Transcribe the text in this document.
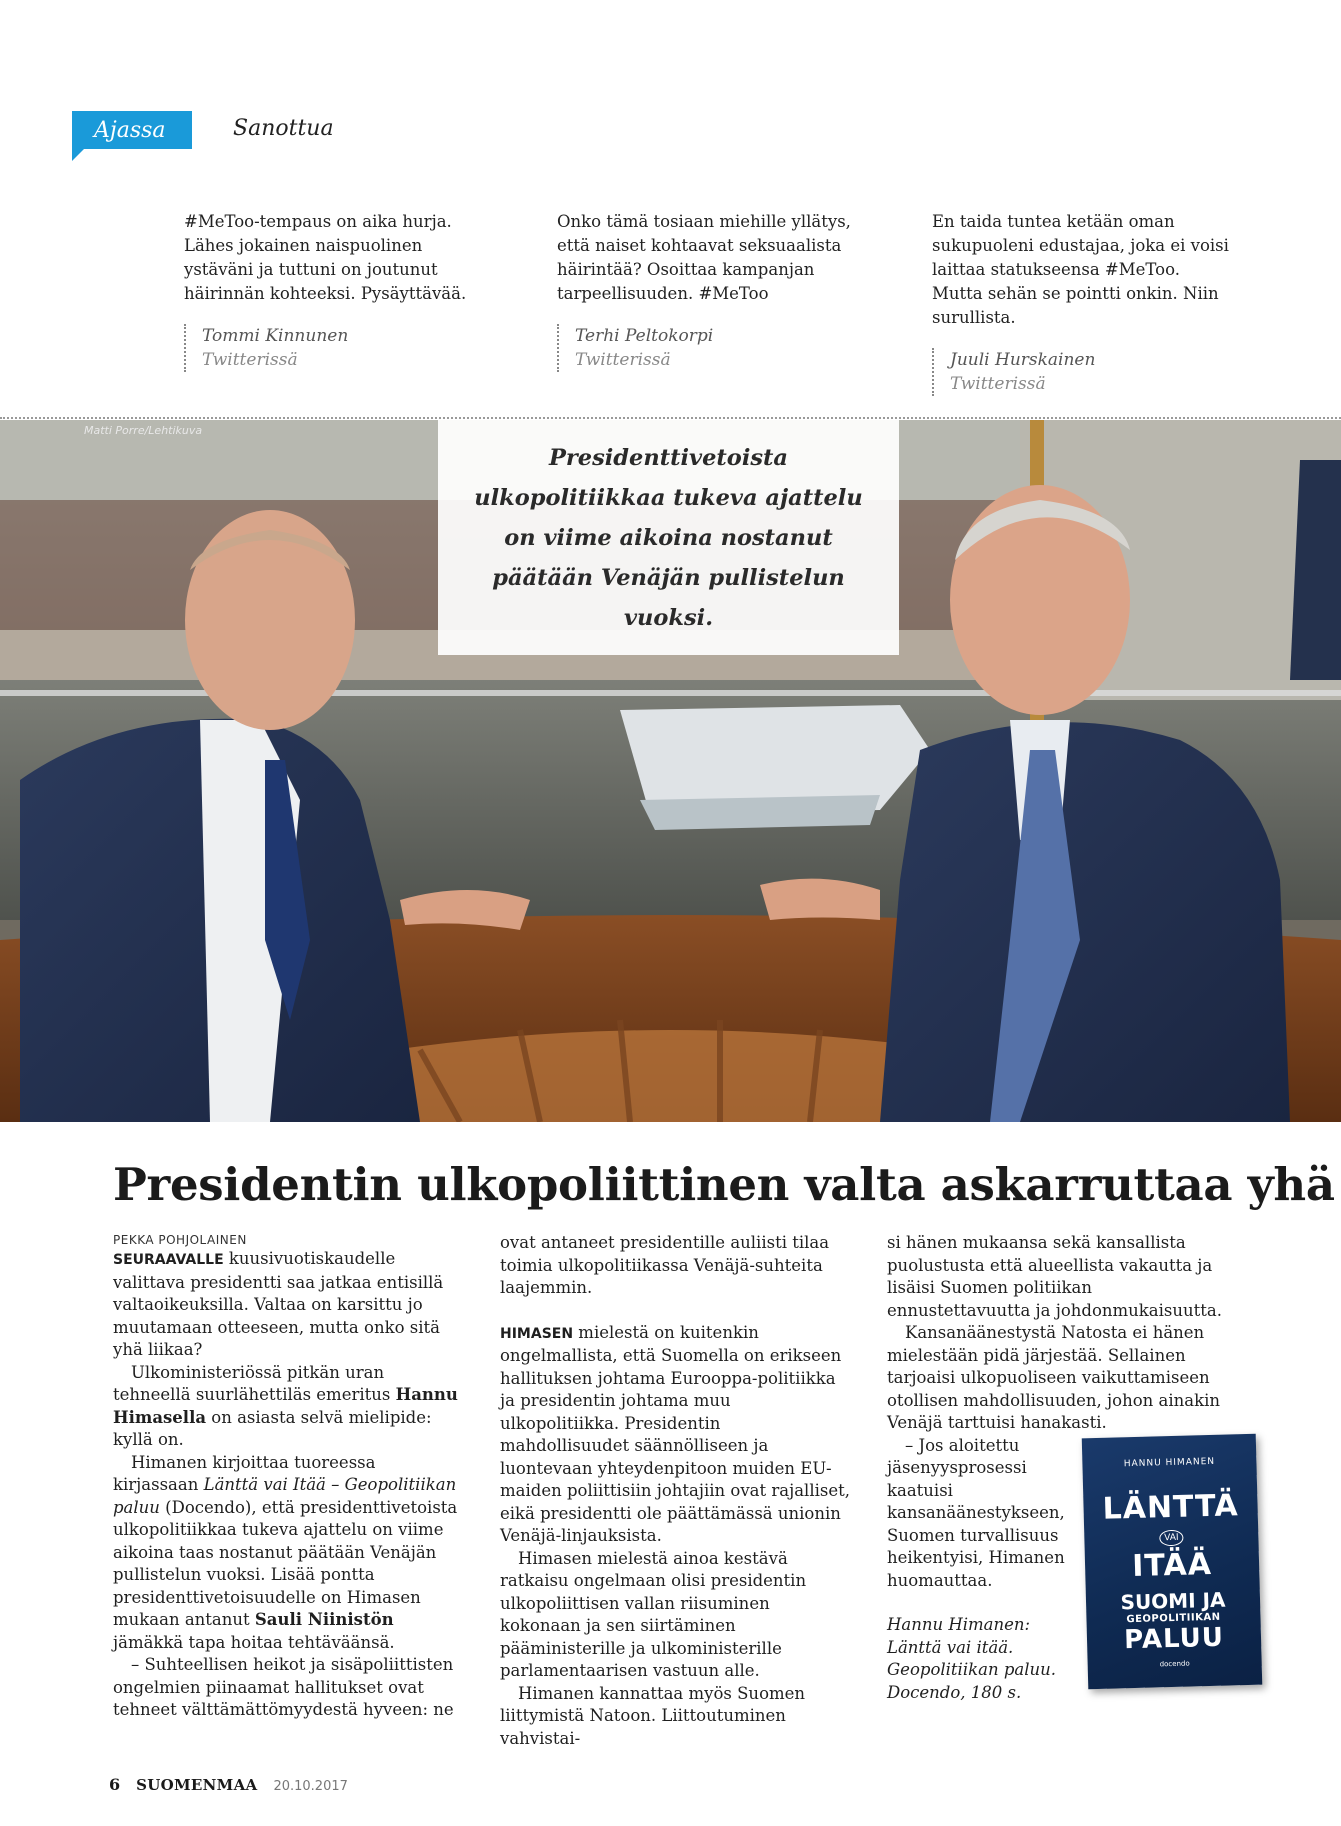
Ajassa	Sanottua

#MeToo-tempaus on aika hurja. Lähes jokainen naispuolinen ystäväni ja tuttuni on joutunut häirinnän kohteeksi. Pysäyttävää.

Tommi Kinnunen
Twitterissä

Onko tämä tosiaan miehille yllätys, että naiset kohtaavat seksuaalista häirintää? Osoittaa kampanjan tarpeellisuuden. #MeToo

Terhi Peltokorpi
Twitterissä

En taida tuntea ketään oman sukupuoleni edustajaa, joka ei voisi laittaa statukseensa #MeToo. Mutta sehän se pointti onkin. Niin surullista.

Juuli Hurskainen
Twitterissä
Matti Porre/Lehtikuva

Presidenttivetoista ulkopolitiikkaa tukeva ajattelu on viime aikoina nostanut päätään Venäjän pullistelun vuoksi.

Presidentin ulkopoliittinen valta askarruttaa yhä
PEKKA POHJOLAINEN

SEURAAVALLE kuusivuotiskaudelle valittava presidentti saa jatkaa entisillä valtaoikeuksilla. Valtaa on karsittu jo muutamaan otteeseen, mutta onko sitä yhä liikaa?

Ulkoministeriössä pitkän uran tehneellä suurlähettiläs emeritus Hannu Himasella on asiasta selvä mielipide: kyllä on.

Himanen kirjoittaa tuoreessa kirjassaan Länttä vai Itää – Geopolitiikan paluu (Docendo), että presidenttivetoista ulkopolitiikkaa tukeva ajattelu on viime aikoina taas nostanut päätään Venäjän pullistelun vuoksi. Lisää pontta presidenttivetoisuudelle on Himasen mukaan antanut Sauli Niinistön jämäkkä tapa hoitaa tehtäväänsä.

– Suhteellisen heikot ja sisäpoliittisten ongelmien piinaamat hallitukset ovat tehneet välttämättömyydestä hyveen: ne

ovat antaneet presidentille auliisti tilaa toimia ulkopolitiikassa Venäjä-suhteita laajemmin.

HIMASEN mielestä on kuitenkin ongelmallista, että Suomella on erikseen hallituksen johtama Eurooppa-politiikka ja presidentin johtama muu ulkopolitiikka. Presidentin mahdollisuudet säännölliseen ja luontevaan yhteydenpitoon muiden EU-maiden poliittisiin johtajiin ovat rajalliset, eikä presidentti ole päättämässä unionin Venäjä-linjauksista.

Himasen mielestä ainoa kestävä ratkaisu ongelmaan olisi presidentin ulkopoliittisen vallan riisuminen kokonaan ja sen siirtäminen pääministerille ja ulkoministerille parlamentaarisen vastuun alle.

Himanen kannattaa myös Suomen liittymistä Natoon. Liittoutuminen vahvistai-

si hänen mukaansa sekä kansallista puolustusta että alueellista vakautta ja lisäisi Suomen politiikan ennustettavuutta ja johdonmukaisuutta.

Kansanäänestystä Natosta ei hänen mielestään pidä järjestää. Sellainen tarjoaisi ulkopuoliseen vaikuttamiseen otollisen mahdollisuuden, johon ainakin Venäjä tarttuisi hanakasti.

– Jos aloitettu jäsenyysprosessi kaatuisi kansanäänestykseen, Suomen turvallisuus heikentyisi, Himanen huomauttaa.

Hannu Himanen: Länttä vai itää. Geopolitiikan paluu. Docendo, 180 s.

HANNU HIMANEN
LÄNTTÄ
VAI
ITÄÄ
SUOMI JA
GEOPOLITIIKAN
PALUU
docendo
6 SUOMENMAA 20.10.2017
